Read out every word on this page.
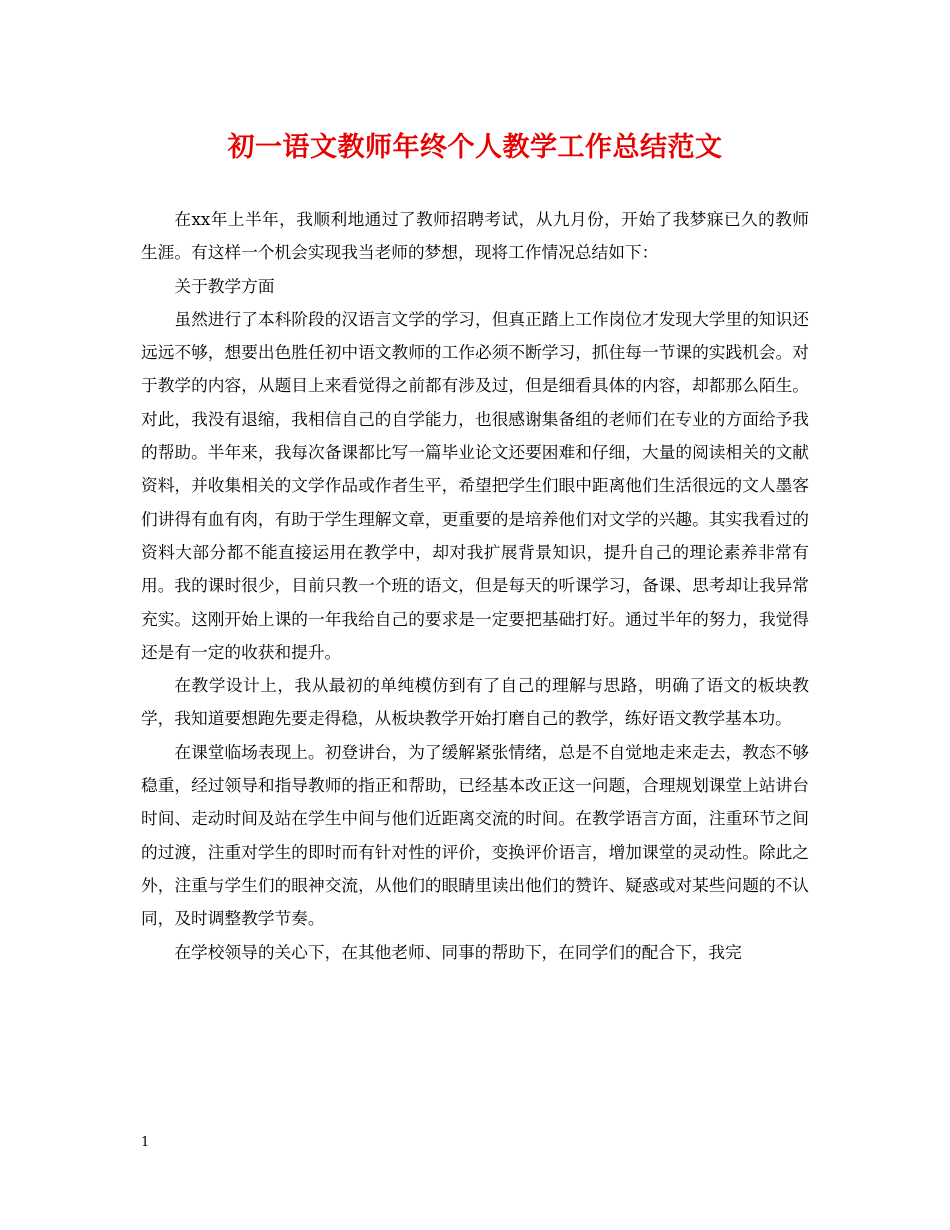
初一语文教师年终个人教学工作总结范文

在xx年上半年，我顺利地通过了教师招聘考试，从九月份，开始了我梦寐已久的教师生涯。有这样一个机会实现我当老师的梦想，现将工作情况总结如下：

关于教学方面

虽然进行了本科阶段的汉语言文学的学习，但真正踏上工作岗位才发现大学里的知识还远远不够，想要出色胜任初中语文教师的工作必须不断学习，抓住每一节课的实践机会。对于教学的内容，从题目上来看觉得之前都有涉及过，但是细看具体的内容，却都那么陌生。对此，我没有退缩，我相信自己的自学能力，也很感谢集备组的老师们在专业的方面给予我的帮助。半年来，我每次备课都比写一篇毕业论文还要困难和仔细，大量的阅读相关的文献资料，并收集相关的文学作品或作者生平，希望把学生们眼中距离他们生活很远的文人墨客们讲得有血有肉，有助于学生理解文章，更重要的是培养他们对文学的兴趣。其实我看过的资料大部分都不能直接运用在教学中，却对我扩展背景知识，提升自己的理论素养非常有用。我的课时很少，目前只教一个班的语文，但是每天的听课学习，备课、思考却让我异常充实。这刚开始上课的一年我给自己的要求是一定要把基础打好。通过半年的努力，我觉得还是有一定的收获和提升。

在教学设计上，我从最初的单纯模仿到有了自己的理解与思路，明确了语文的板块教学，我知道要想跑先要走得稳，从板块教学开始打磨自己的教学，练好语文教学基本功。

在课堂临场表现上。初登讲台，为了缓解紧张情绪，总是不自觉地走来走去，教态不够稳重，经过领导和指导教师的指正和帮助，已经基本改正这一问题，合理规划课堂上站讲台时间、走动时间及站在学生中间与他们近距离交流的时间。在教学语言方面，注重环节之间的过渡，注重对学生的即时而有针对性的评价，变换评价语言，增加课堂的灵动性。除此之外，注重与学生们的眼神交流，从他们的眼睛里读出他们的赞许、疑惑或对某些问题的不认同，及时调整教学节奏。

在学校领导的关心下，在其他老师、同事的帮助下，在同学们的配合下，我完

1
